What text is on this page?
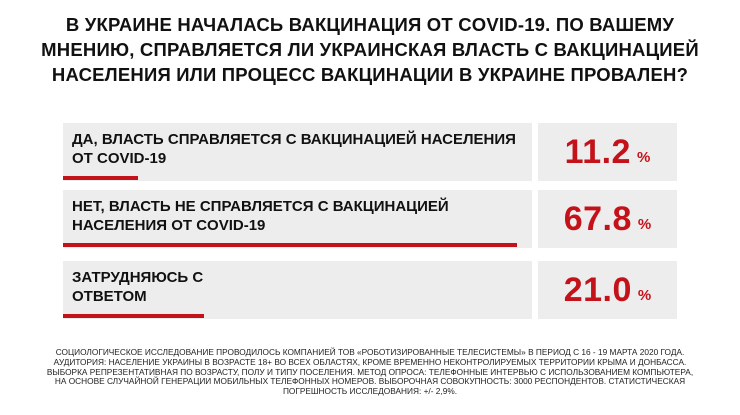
В УКРАИНЕ НАЧАЛАСЬ ВАКЦИНАЦИЯ ОТ COVID-19. ПО ВАШЕМУ МНЕНИЮ, СПРАВЛЯЕТСЯ ЛИ УКРАИНСКАЯ ВЛАСТЬ С ВАКЦИНАЦИЕЙ НАСЕЛЕНИЯ ИЛИ ПРОЦЕСС ВАКЦИНАЦИИ В УКРАИНЕ ПРОВАЛЕН?
ДА, ВЛАСТЬ СПРАВЛЯЕТСЯ С ВАКЦИНАЦИЕЙ НАСЕЛЕНИЯ ОТ COVID-19	11.2 %
НЕТ, ВЛАСТЬ НЕ СПРАВЛЯЕТСЯ С ВАКЦИНАЦИЕЙ НАСЕЛЕНИЯ ОТ COVID-19	67.8 %
ЗАТРУДНЯЮСЬ С ОТВЕТОМ	21.0 %
СОЦИОЛОГИЧЕСКОЕ ИССЛЕДОВАНИЕ ПРОВОДИЛОСЬ КОМПАНИЕЙ ТОВ «РОБОТИЗИРОВАННЫЕ ТЕЛЕСИСТЕМЫ» В ПЕРИОД С 16 - 19 МАРТА 2020 ГОДА.
АУДИТОРИЯ: НАСЕЛЕНИЕ УКРАИНЫ В ВОЗРАСТЕ 18+ ВО ВСЕХ ОБЛАСТЯХ, КРОМЕ ВРЕМЕННО НЕКОНТРОЛИРУЕМЫХ ТЕРРИТОРИИ КРЫМА И ДОНБАССА.
ВЫБОРКА РЕПРЕЗЕНТАТИВНАЯ ПО ВОЗРАСТУ, ПОЛУ И ТИПУ ПОСЕЛЕНИЯ. МЕТОД ОПРОСА: ТЕЛЕФОННЫЕ ИНТЕРВЬЮ С ИСПОЛЬЗОВАНИЕМ КОМПЬЮТЕРА,
НА ОСНОВЕ СЛУЧАЙНОЙ ГЕНЕРАЦИИ МОБИЛЬНЫХ ТЕЛЕФОННЫХ НОМЕРОВ. ВЫБОРОЧНАЯ СОВОКУПНОСТЬ: 3000 РЕСПОНДЕНТОВ. СТАТИСТИЧЕСКАЯ
ПОГРЕШНОСТЬ ИССЛЕДОВАНИЯ: +/- 2,9%.
